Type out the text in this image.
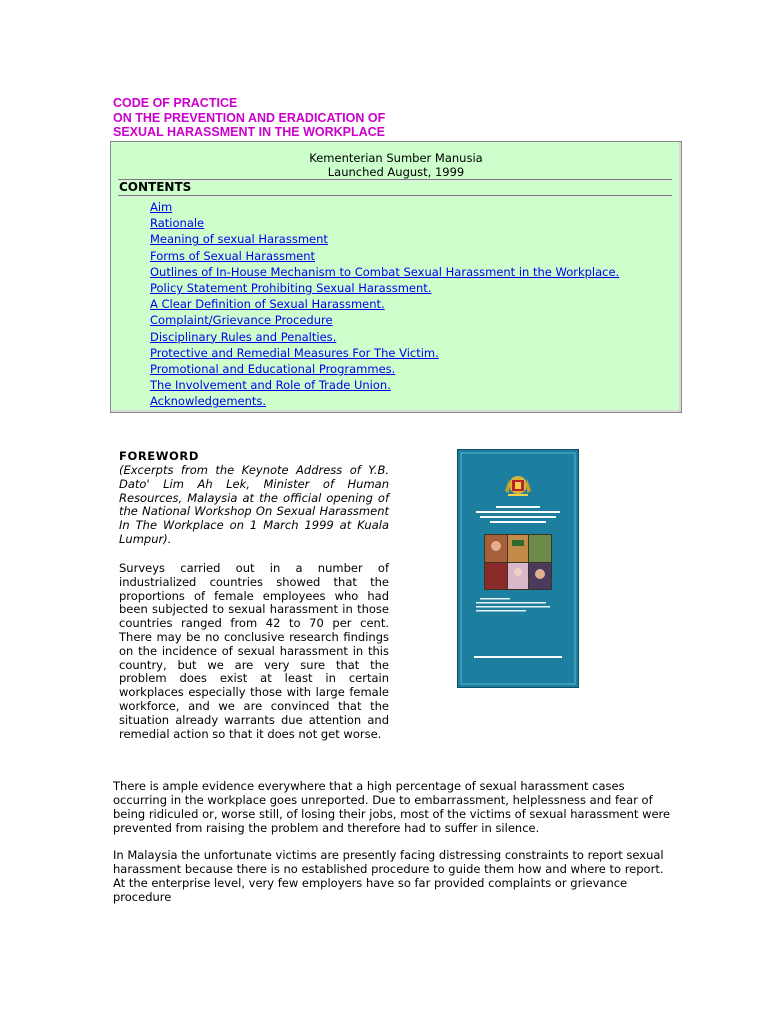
CODE OF PRACTICE
ON THE PREVENTION AND ERADICATION OF
SEXUAL HARASSMENT IN THE WORKPLACE
Kementerian Sumber Manusia
Launched August, 1999
CONTENTS
Aim
Rationale
Meaning of sexual Harassment
Forms of Sexual Harassment
Outlines of In-House Mechanism to Combat Sexual Harassment in the Workplace.
Policy Statement Prohibiting Sexual Harassment.
A Clear Definition of Sexual Harassment.
Complaint/Grievance Procedure
Disciplinary Rules and Penalties.
Protective and Remedial Measures For The Victim.
Promotional and Educational Programmes.
The Involvement and Role of Trade Union.
Acknowledgements.
FOREWORD
(Excerpts from the Keynote Address of Y.B. Dato' Lim Ah Lek, Minister of Human Resources, Malaysia at the official opening of the National Workshop On Sexual Harassment In The Workplace on 1 March 1999 at Kuala Lumpur).
Surveys carried out in a number of industrialized countries showed that the proportions of female employees who had been subjected to sexual harassment in those countries ranged from 42 to 70 per cent. There may be no conclusive research findings on the incidence of sexual harassment in this country, but we are very sure that the problem does exist at least in certain workplaces especially those with large female workforce, and we are convinced that the situation already warrants due attention and remedial action so that it does not get worse.
There is ample evidence everywhere that a high percentage of sexual harassment cases occurring in the workplace goes unreported. Due to embarrassment, helplessness and fear of being ridiculed or, worse still, of losing their jobs, most of the victims of sexual harassment were prevented from raising the problem and therefore had to suffer in silence.
In Malaysia the unfortunate victims are presently facing distressing constraints to report sexual harassment because there is no established procedure to guide them how and where to report. At the enterprise level, very few employers have so far provided complaints or grievance procedure
